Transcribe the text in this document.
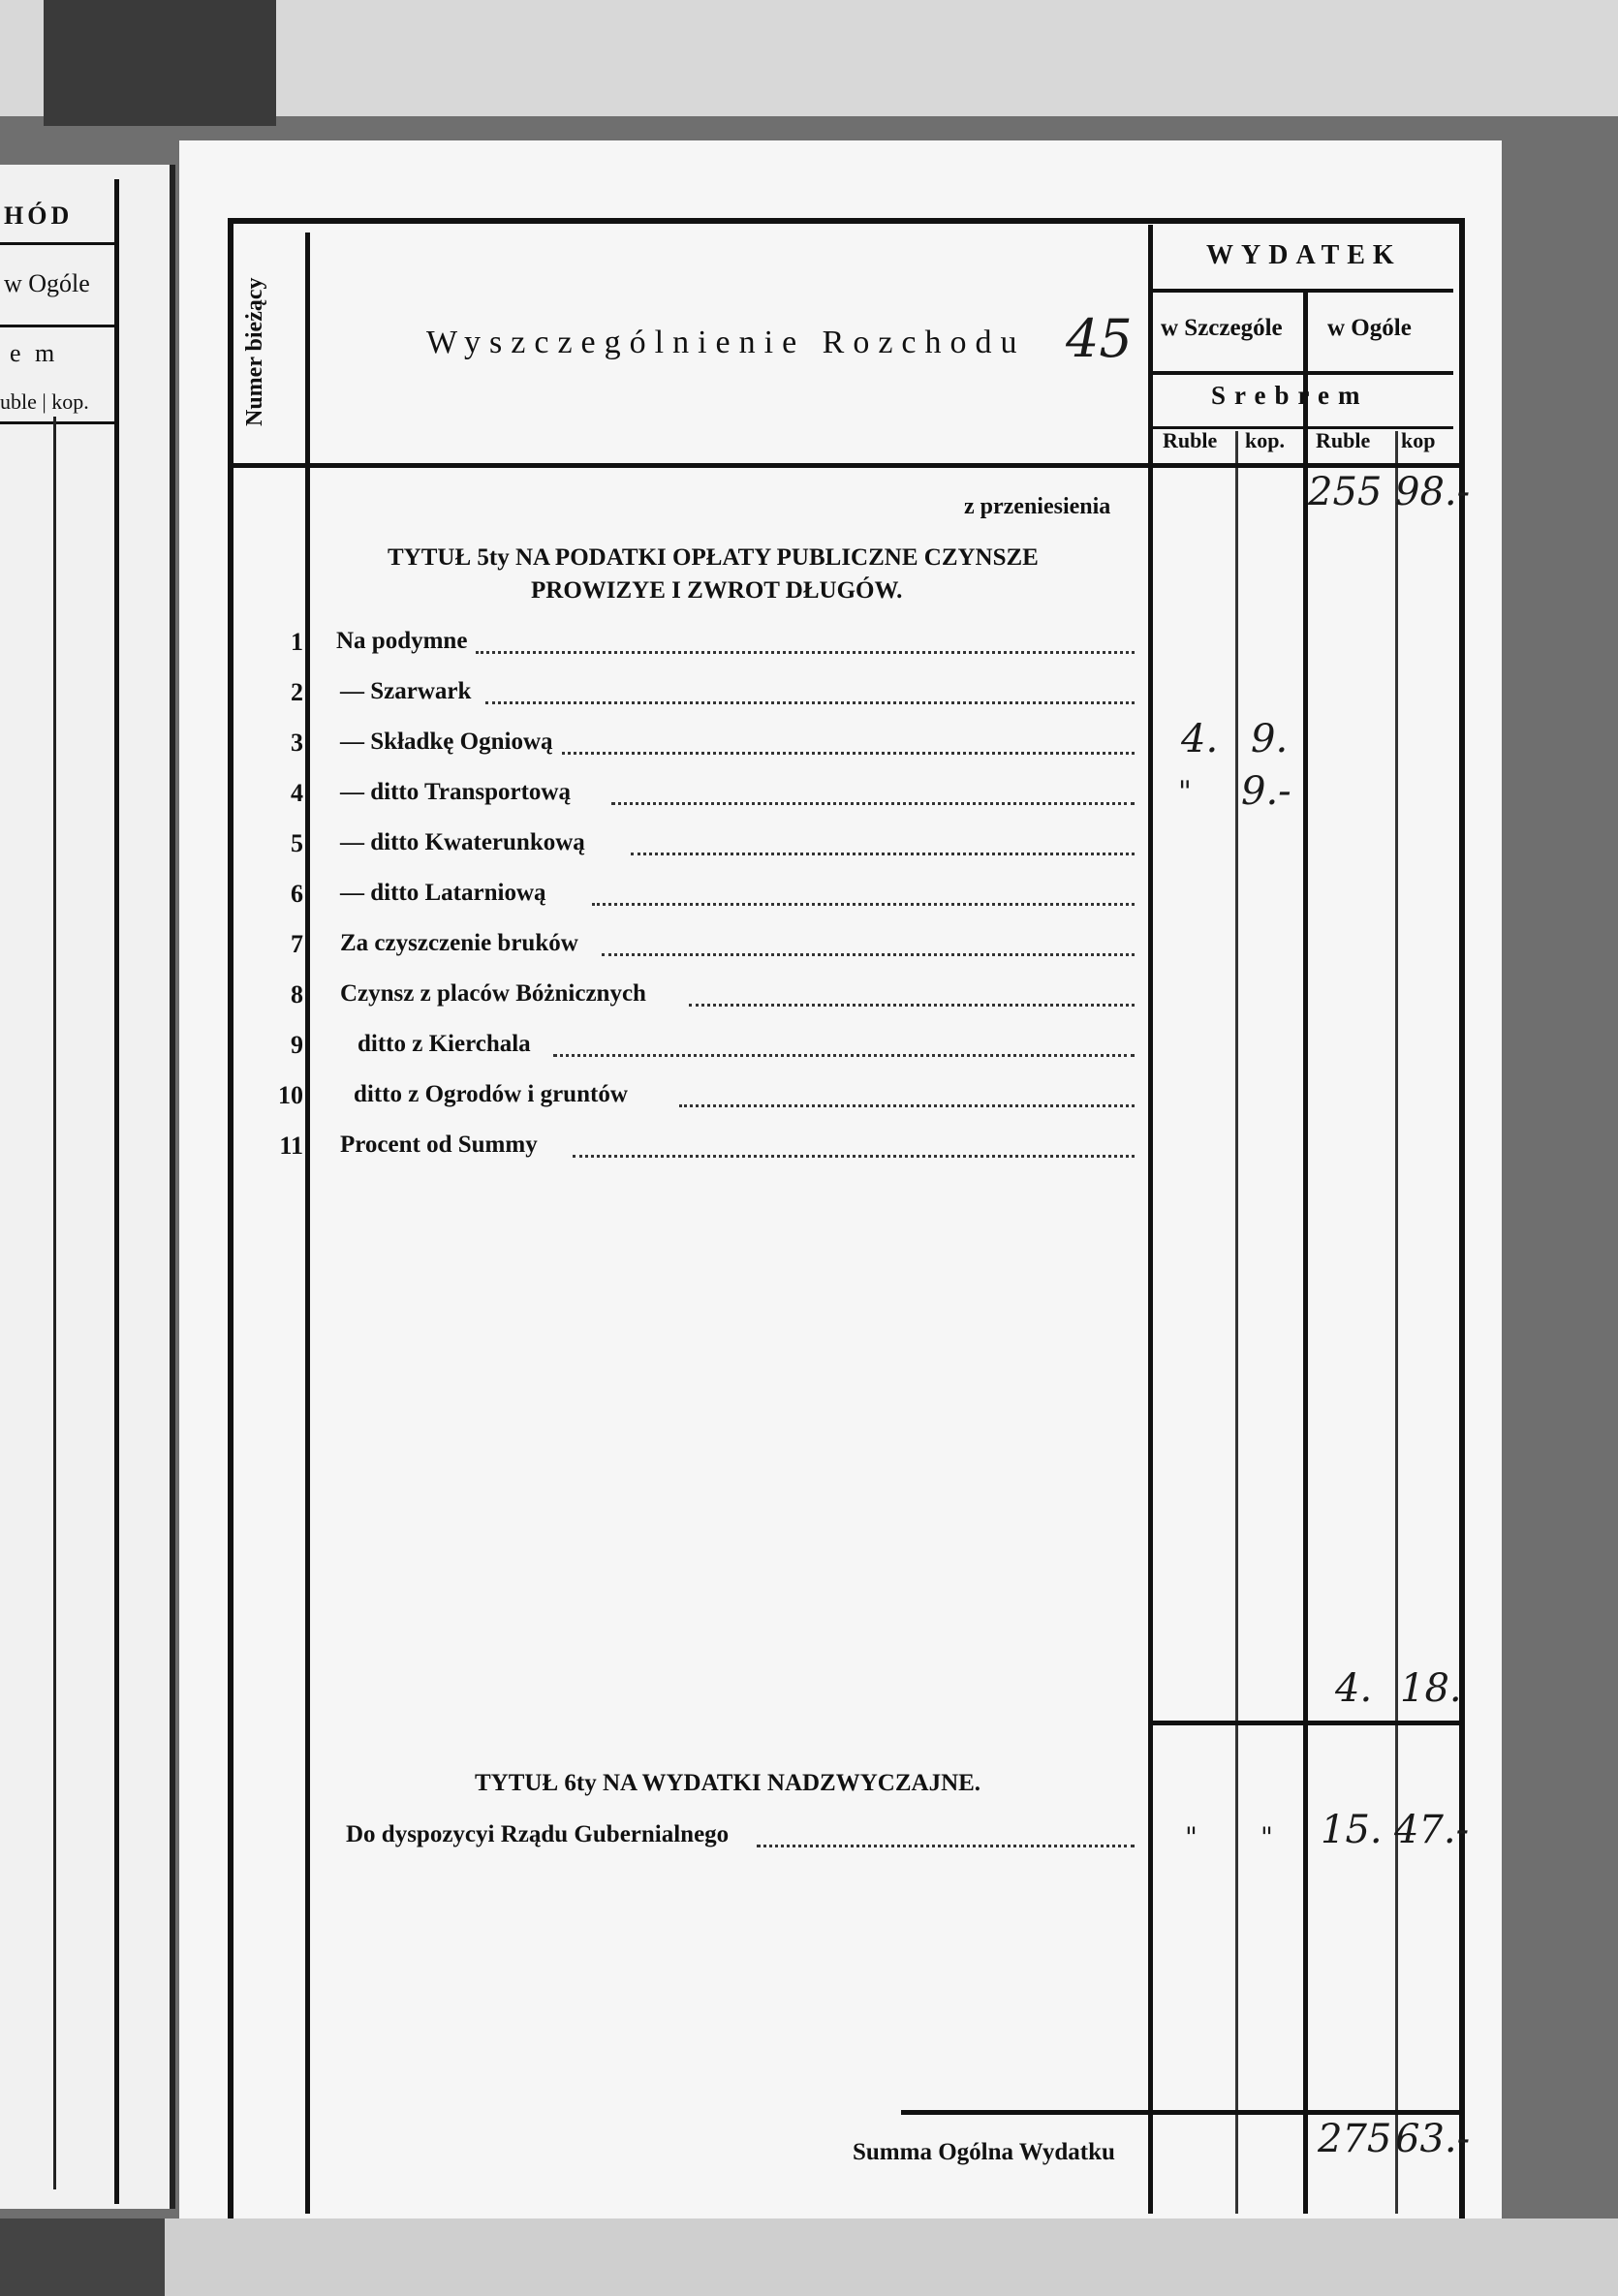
HÓD
w Ogóle
e m
uble | kop.	Numer bieżący	Wyszczególnienie Rozchodu 45
WYDATEK
w Szczególe w Ogóle
Srebrem
Ruble kop. Ruble kop
z przeniesienia	255 98.-
TYTUŁ 5ty NA PODATKI OPŁATY PUBLICZNE CZYNSZE
PROWIZYE I ZWROT DŁUGÓW.
1 Na podymne
2 — Szarwark
3 — Składkę Ogniową	4. 9.
4 — ditto Transportową	" 9.-
5 — ditto Kwaterunkową
6 — ditto Latarniową
7 Za czyszczenie bruków
8 Czynsz z placów Bóżnicznych
9 ditto z Kierchala
10 ditto z Ogrodów i gruntów
11 Procent od Summy
4. 18.
TYTUŁ 6ty NA WYDATKI NADZWYCZAJNE.
Do dyspozycyi Rządu Gubernialnego	" " 15. 47.-
Summa Ogólna Wydatku	275 63.-
